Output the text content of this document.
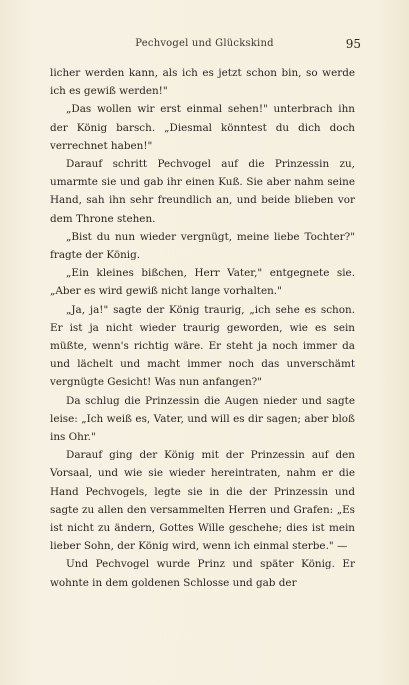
Pechvogel und Glückskind	95

licher werden kann, als ich es jetzt schon bin, so werde ich es gewiß werden!"

„Das wollen wir erst einmal sehen!" unterbrach ihn der König barsch. „Diesmal könntest du dich doch verrechnet haben!"

Darauf schritt Pechvogel auf die Prinzessin zu, umarmte sie und gab ihr einen Kuß. Sie aber nahm seine Hand, sah ihn sehr freundlich an, und beide blieben vor dem Throne stehen.

„Bist du nun wieder vergnügt, meine liebe Tochter?" fragte der König.

„Ein kleines bißchen, Herr Vater," entgegnete sie. „Aber es wird gewiß nicht lange vorhalten."

„Ja, ja!" sagte der König traurig, „ich sehe es schon. Er ist ja nicht wieder traurig geworden, wie es sein müßte, wenn's richtig wäre. Er steht ja noch immer da und lächelt und macht immer noch das unverschämt vergnügte Gesicht! Was nun anfangen?"

Da schlug die Prinzessin die Augen nieder und sagte leise: „Ich weiß es, Vater, und will es dir sagen; aber bloß ins Ohr."

Darauf ging der König mit der Prinzessin auf den Vorsaal, und wie sie wieder hereintraten, nahm er die Hand Pechvogels, legte sie in die der Prinzessin und sagte zu allen den versammelten Herren und Grafen: „Es ist nicht zu ändern, Gottes Wille geschehe; dies ist mein lieber Sohn, der König wird, wenn ich einmal sterbe." —

Und Pechvogel wurde Prinz und später König. Er wohnte in dem goldenen Schlosse und gab der
